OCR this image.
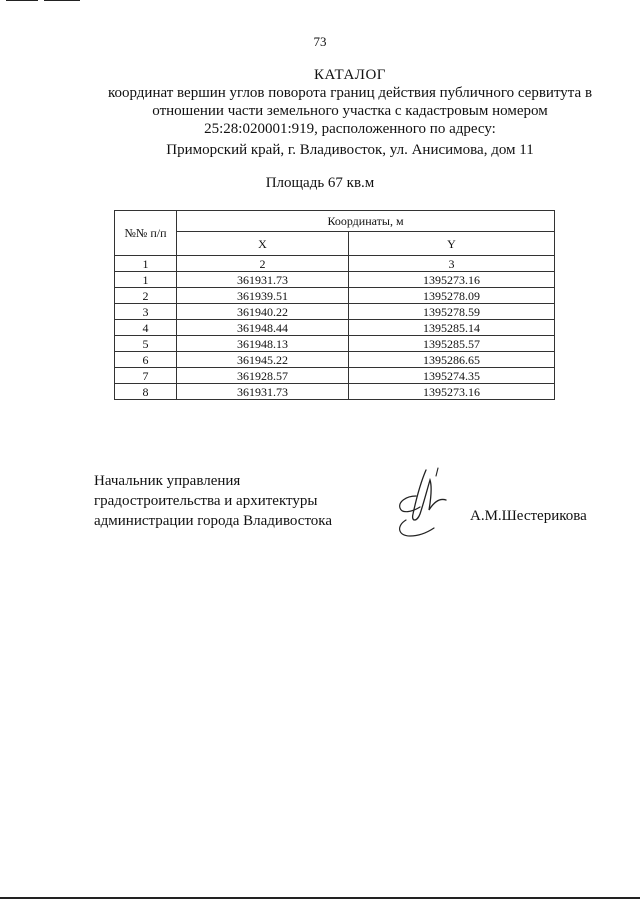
73
КАТАЛОГ
координат вершин углов поворота границ действия публичного сервитута в
отношении части земельного участка с кадастровым номером
25:28:020001:919, расположенного по адресу:
Приморский край, г. Владивосток, ул. Анисимова, дом 11
Площадь 67 кв.м
№№ п/п	Координаты, м	
	X	Y
1	2	3
1	361931.73	1395273.16
2	361939.51	1395278.09
3	361940.22	1395278.59
4	361948.44	1395285.14
5	361948.13	1395285.57
6	361945.22	1395286.65
7	361928.57	1395274.35
8	361931.73	1395273.16
Начальник управления
градостроительства и архитектуры
администрации города Владивостока	А.М.Шестерикова
